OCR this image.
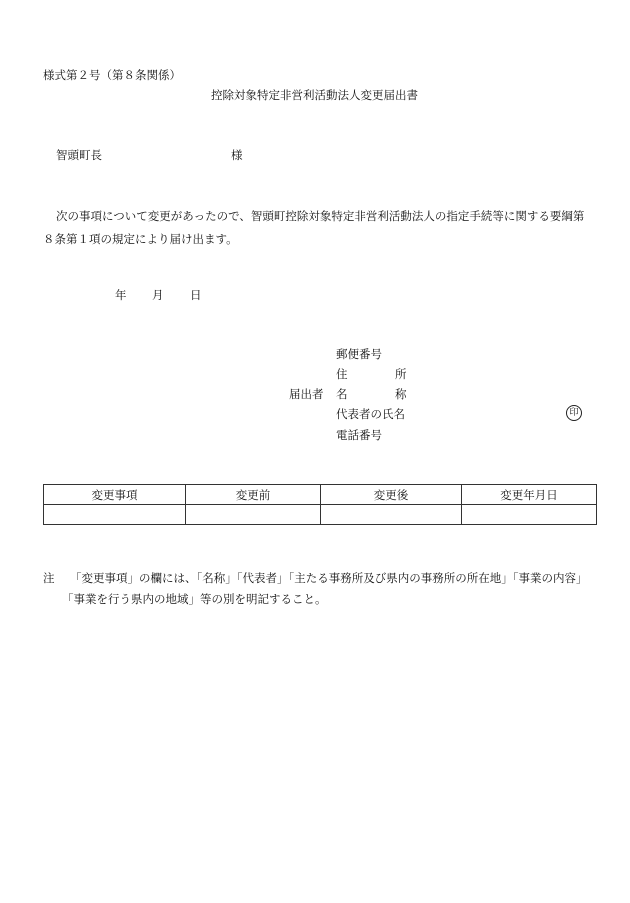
様式第２号（第８条関係）
控除対象特定非営利活動法人変更届出書
智頭町長	様
次の事項について変更があったので、智頭町控除対象特定非営利活動法人の指定手続等に関する要綱第８条第１項の規定により届け出ます。
年 月 日
届出者
郵便番号
住	所
名	称
代表者の氏名	印
電話番号
変更事項	変更前	変更後	変更年月日

注 「変更事項」の欄には、「名称」「代表者」「主たる事務所及び県内の事務所の所在地」「事業の内容」
「事業を行う県内の地域」等の別を明記すること。
